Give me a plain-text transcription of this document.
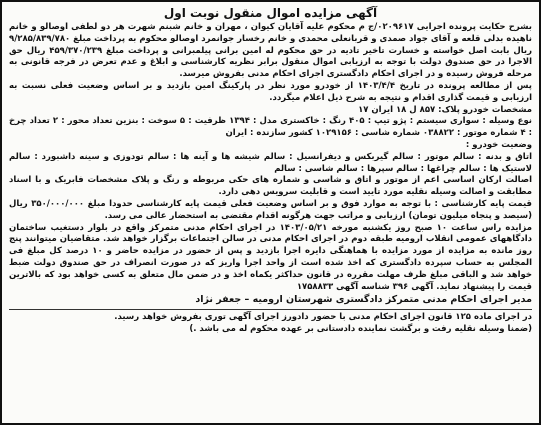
آگهی مزایده اموال منقول نوبت اول

بشرح حکایت پرونده اجرایی ۰۲۰۹۶۱۷/ج م محکوم علیه آقایان کیوان ، مهران و خانم شبنم شهرت هر دو لطفی اوصالو و خانم ناهیده بدلی قلعه و آقای جواد صمدی و قربانعلی محمدی و خانم رخسار جوانمرد اوصالو محکوم به پرداخت مبلغ ۹/۲۸۵/۸۳۹/۷۸۰ ریال بابت اصل خواسته و خسارت تاخیر تادیه در حق محکوم له امین برانی پیلمبرانی و پرداخت مبلغ ۴۵۹/۳۷۰/۲۳۹ ریال حق الاجرا در حق صندوق دولت با توجه به ارزیابی اموال منقول برابر نظریه کارشناسی و ابلاغ و عدم تعرض در فرجه قانونی به مرحله فروش رسیده و در اجرای احکام دادگستری اجرای احکام مدنی بفروش میرسد.

پس از مطالعه پرونده در تاریخ ۱۴۰۳/۴/۴ از خودرو مورد نظر در پارکینگ امین بازدید و بر اساس وضعیت فعلی نسبت به ارزیابی و قیمت گذاری اقدام و نتیجه به شرح ذیل اعلام میگردد.

مشخصات خودرو پلاک: ۸۵۷ ل ۱۸ ایران ۱۷

نوع وسیله : سواری سیستم : پژو تیپ : ۴۰۵ رنگ : خاکستری مدل : ۱۳۹۴ ظرفیت : ۵ سوخت : بنزین تعداد محور : ۲ تعداد چرخ : ۴ شماره موتور : ۰۳۸۸۲۲ شماره شاسی : ۱۰۲۹۱۵۶ کشور سازنده : ایران

وضعیت خودرو :

اتاق و بدنه : سالم موتور : سالم گیربکس و دیفرانسیل : سالم شیشه ها و آینه ها : سالم تودوزی و سینه داشبورد : سالم لاستیک ها : سالم چراغها : سالم سپرها : سالم شاسی : سالم

اصالت ارکان اساسی اعم از موتور و اتاق و شاسی و شماره های حکی مربوطه و رنگ و پلاک مشخصات فابریک و با اسناد مطابقت و اصالت وسیله نقلیه مورد تایید است و قابلیت سرویس دهی دارد.

قیمت پایه کارشناسی : با توجه به موارد فوق و بر اساس وضعیت فعلی قیمت پایه کارشناسی حدودا مبلغ ۳۵۰/۰۰۰/۰۰۰ ریال (سیصد و پنجاه میلیون تومان) ارزیابی و مراتب جهت هرگونه اقدام مقتضی به استحضار عالی می رسد.

مزایده راس ساعت ۱۰ صبح روز یکشنبه مورخه ۱۴۰۳/۰۵/۲۱ در اجرای احکام مدنی متمرکز واقع در بلوار دستغیب ساختمان دادگاههای عمومی انقلاب ارومیه طبقه دوم در اجرای احکام مدنی در سالن اجتماعات برگزار خواهد شد. متقاضیان میتوانند پنج روز مانده به مزایده از مورد مزایده با هماهنگی دایره اجرا بازدید و پس از حضور در مزایده حاضر و ۱۰ درصد کل مبلغ فی المجلس به حساب سپرده دادگستری که اخذ شده است از واحد اجرا واریز که در صورت انصراف در حق صندوق دولت ضبط خواهد شد و الباقی مبلغ ظرف مهلت مقرره در قانون حداکثر یکماه اخذ و در ضمن مال متعلق به کسی خواهد بود که بالاترین قیمت را پیشنهاد نماید. آگهی ۳۹۶ شناسه آگهی ۱۷۵۸۸۳۳

مدیر اجرای احکام مدنی متمرکز دادگستری شهرستان ارومیه – جعفر نژاد

در اجرای ماده ۱۲۵ قانون اجرای احکام مدنی با حضور دادورز اجرای آگهی توری بفروش خواهد رسید.

(ضمنا وسیله نقلیه رفت و برگشت نماینده دادستانی بر عهده محکوم له می باشد .)
